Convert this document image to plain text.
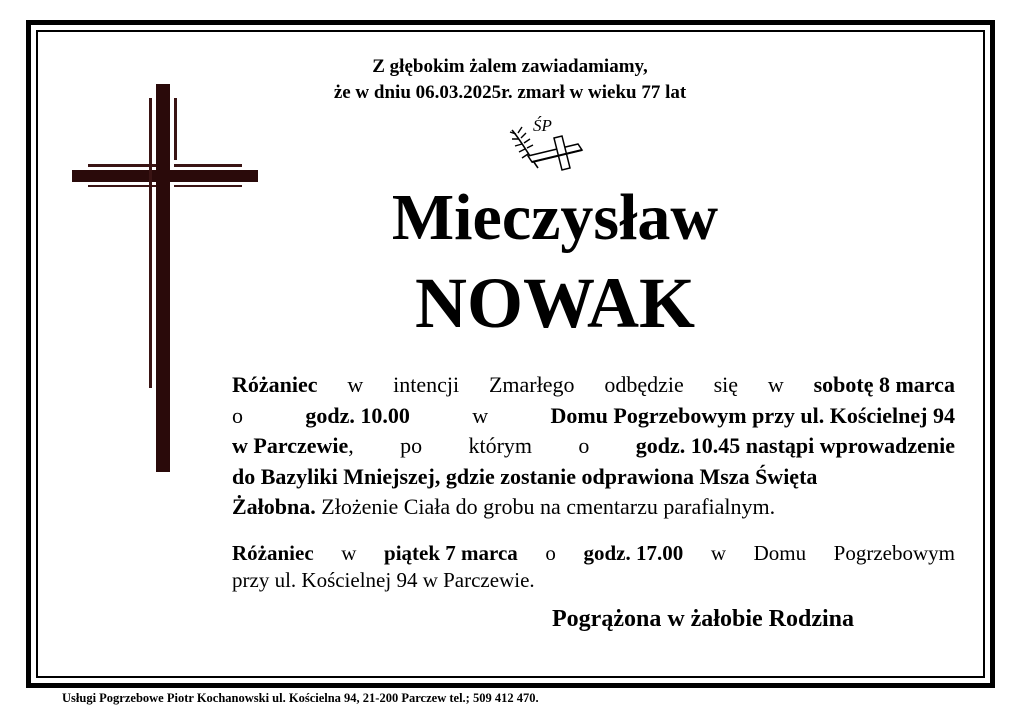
Z głębokim żalem zawiadamiamy,
że w dniu 06.03.2025r. zmarł w wieku 77 lat
ŚP
Mieczysław
NOWAK
Różaniec w intencji Zmarłego odbędzie się w sobotę 8 marca
o	godz. 10.00	w	Domu Pogrzebowym przy ul. Kościelnej 94
w Parczewie, po którym o godz. 10.45 nastąpi wprowadzenie
do Bazyliki Mniejszej, gdzie zostanie odprawiona Msza Święta
Żałobna.
Złożenie Ciała do grobu na cmentarzu parafialnym.
Różaniec w piątek 7 marca o godz. 17.00 w Domu Pogrzebowym
przy ul. Kościelnej 94 w Parczewie.
Pogrążona w żałobie Rodzina
Usługi Pogrzebowe Piotr Kochanowski ul. Kościelna 94, 21-200 Parczew tel.; 509 412 470.
